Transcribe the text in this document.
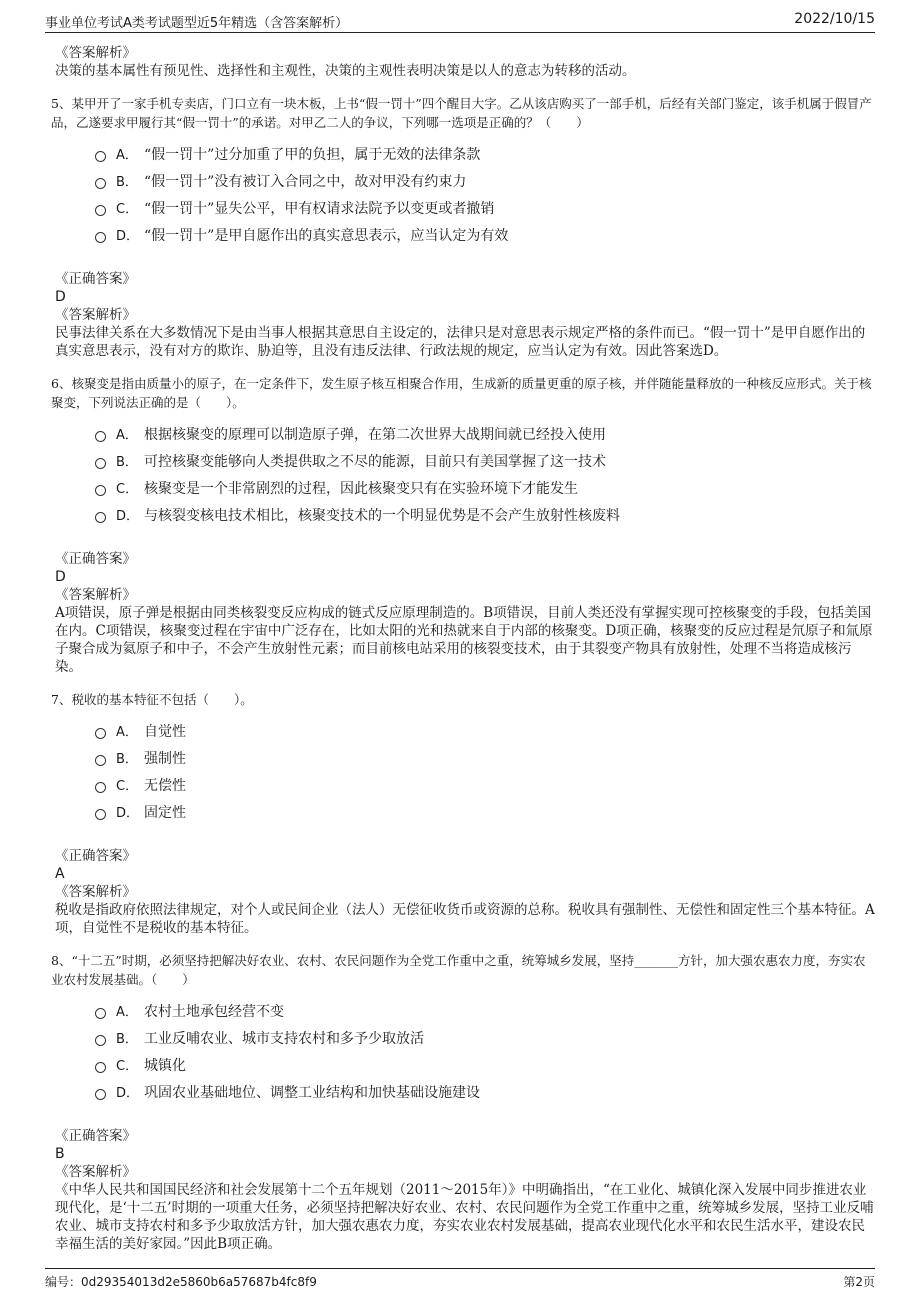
事业单位考试A类考试题型近5年精选（含答案解析）	2022/10/15

《答案解析》

决策的基本属性有预见性、选择性和主观性，决策的主观性表明决策是以人的意志为转移的活动。

5、某甲开了一家手机专卖店，门口立有一块木板，上书“假一罚十”四个醒目大字。乙从该店购买了一部手机，后经有关部门鉴定，该手机属于假冒产品，乙遂要求甲履行其“假一罚十”的承诺。对甲乙二人的争议，下列哪一选项是正确的？（　　）

A． “假一罚十”过分加重了甲的负担，属于无效的法律条款
B． “假一罚十”没有被订入合同之中，故对甲没有约束力
C． “假一罚十”显失公平，甲有权请求法院予以变更或者撤销
D． “假一罚十”是甲自愿作出的真实意思表示，应当认定为有效

《正确答案》

D

《答案解析》

民事法律关系在大多数情况下是由当事人根据其意思自主设定的，法律只是对意思表示规定严格的条件而已。“假一罚十”是甲自愿作出的真实意思表示，没有对方的欺诈、胁迫等，且没有违反法律、行政法规的规定，应当认定为有效。因此答案选D。

6、核聚变是指由质量小的原子，在一定条件下，发生原子核互相聚合作用，生成新的质量更重的原子核，并伴随能量释放的一种核反应形式。关于核聚变，下列说法正确的是（　　）。

A． 根据核聚变的原理可以制造原子弹，在第二次世界大战期间就已经投入使用
B． 可控核聚变能够向人类提供取之不尽的能源，目前只有美国掌握了这一技术
C． 核聚变是一个非常剧烈的过程，因此核聚变只有在实验环境下才能发生
D． 与核裂变核电技术相比，核聚变技术的一个明显优势是不会产生放射性核废料

《正确答案》

D

《答案解析》

A项错误，原子弹是根据由同类核裂变反应构成的链式反应原理制造的。B项错误，目前人类还没有掌握实现可控核聚变的手段，包括美国在内。C项错误，核聚变过程在宇宙中广泛存在，比如太阳的光和热就来自于内部的核聚变。D项正确，核聚变的反应过程是氘原子和氚原子聚合成为氦原子和中子，不会产生放射性元素；而目前核电站采用的核裂变技术，由于其裂变产物具有放射性，处理不当将造成核污染。

7、税收的基本特征不包括（　　）。

A． 自觉性
B． 强制性
C． 无偿性
D． 固定性

《正确答案》

A

《答案解析》

税收是指政府依照法律规定，对个人或民间企业（法人）无偿征收货币或资源的总称。税收具有强制性、无偿性和固定性三个基本特征。A项，自觉性不是税收的基本特征。

8、“十二五”时期，必须坚持把解决好农业、农村、农民问题作为全党工作重中之重，统筹城乡发展，坚持_______方针，加大强农惠农力度，夯实农业农村发展基础。（　　）

A． 农村土地承包经营不变
B． 工业反哺农业、城市支持农村和多予少取放活
C． 城镇化
D． 巩固农业基础地位、调整工业结构和加快基础设施建设

《正确答案》

B

《答案解析》

《中华人民共和国国民经济和社会发展第十二个五年规划（2011～2015年）》中明确指出，“在工业化、城镇化深入发展中同步推进农业现代化，是‘十二五’时期的一项重大任务，必须坚持把解决好农业、农村、农民问题作为全党工作重中之重，统筹城乡发展，坚持工业反哺农业、城市支持农村和多予少取放活方针，加大强农惠农力度，夯实农业农村发展基础，提高农业现代化水平和农民生活水平，建设农民幸福生活的美好家园。”因此B项正确。

编号：0d29354013d2e5860b6a57687b4fc8f9	第2页
